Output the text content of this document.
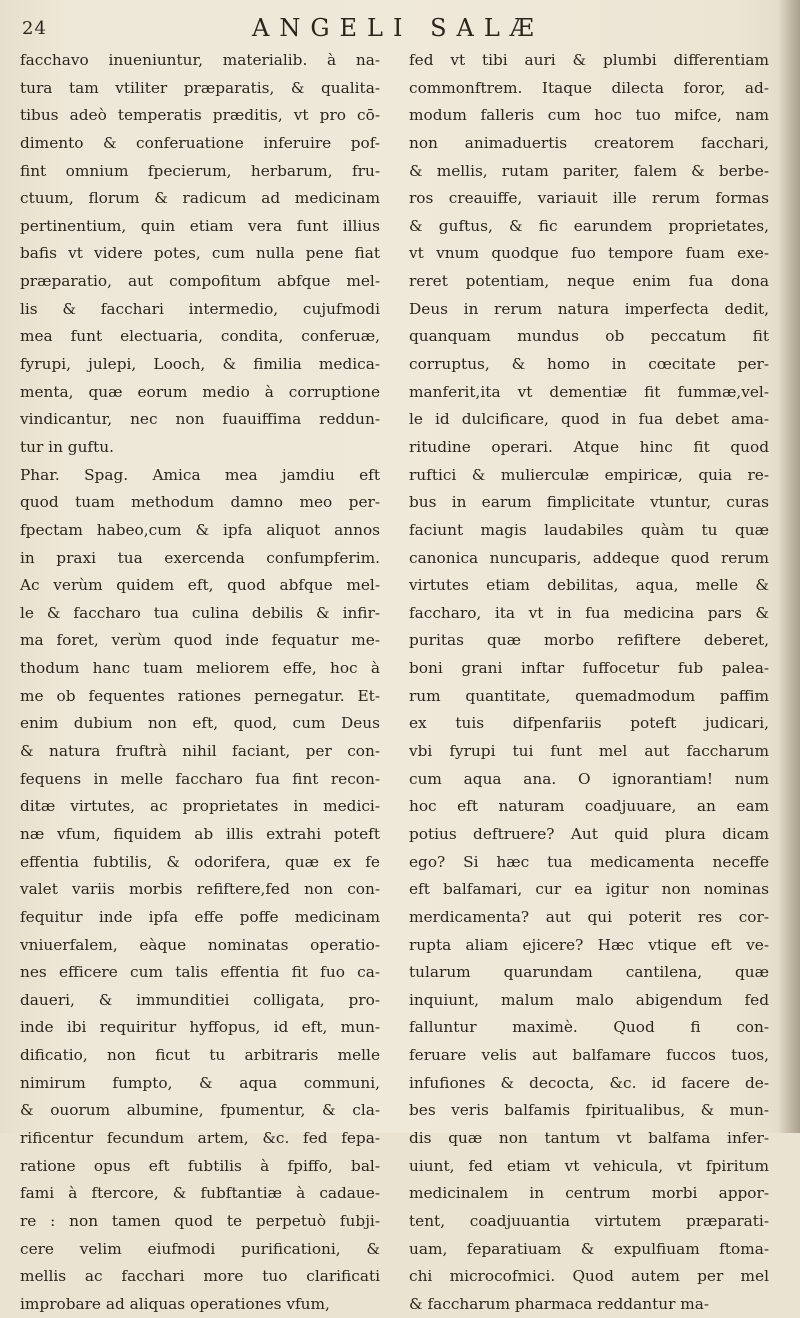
24	ANGELI SALÆ
facchavo inueniuntur, materialib. à na-
tura tam vtiliter præparatis, & qualita-
tibus adeò temperatis prӕditis, vt pro cō-
dimento & conferuatione inferuire pof-
fint omnium fpecierum, herbarum, fru-
ctuum, florum & radicum ad medicinam
pertinentium, quin etiam vera funt illius
bafis vt videre potes, cum nulla pene fiat
præparatio, aut compofitum abfque mel-
lis & facchari intermedio, cujufmodi
mea funt electuaria, condita, conferuæ,
fyrupi, julepi, Looch, & fimilia medica-
menta, quæ eorum medio à corruptione
vindicantur, nec non fuauiffima reddun-
tur in guftu.
Phar. Spag. Amica mea jamdiu eft
quod tuam methodum damno meo per-
fpectam habeo,cum & ipfa aliquot annos
in praxi tua exercenda confumpferim.
Ac verùm quidem eft, quod abfque mel-
le & faccharo tua culina debilis & infir-
ma foret, verùm quod inde fequatur me-
thodum hanc tuam meliorem effe, hoc à
me ob fequentes rationes pernegatur. Et-
enim dubium non eft, quod, cum Deus
& natura fruftrà nihil faciant, per con-
fequens in melle faccharo fua fint recon-
ditæ virtutes, ac proprietates in medici-
næ vfum, fiquidem ab illis extrahi poteft
effentia fubtilis, & odorifera, quæ ex fe
valet variis morbis refiftere,fed non con-
fequitur inde ipfa effe poffe medicinam
vniuerfalem, eàque nominatas operatio-
nes efficere cum talis effentia fit fuo ca-
daueri, & immunditiei colligata, pro-
inde ibi requiritur hyffopus, id eft, mun-
dificatio, non ficut tu arbitraris melle
nimirum fumpto, & aqua communi,
& ouorum albumine, fpumentur, & cla-
rificentur fecundum artem, &c. fed fepa-
ratione opus eft fubtilis à fpiffo, bal-
fami à ftercore, & fubftantiæ à cadaue-
re : non tamen quod te perpetuò fubji-
cere velim eiufmodi purificationi, &
mellis ac facchari more tuo clarificati
improbare ad aliquas operationes vfum,
fed vt tibi auri & plumbi differentiam
commonftrem. Itaque dilecta foror, ad-
modum falleris cum hoc tuo mifce, nam
non animaduertis creatorem facchari,
& mellis, rutam pariter, falem & berbe-
ros creauiffe, variauit ille rerum formas
& guftus, & fic earundem proprietates,
vt vnum quodque fuo tempore fuam exe-
reret potentiam, neque enim fua dona
Deus in rerum natura imperfecta dedit,
quanquam mundus ob peccatum fit
corruptus, & homo in cœcitate per-
manferit,ita vt dementiæ fit fummæ,vel-
le id dulcificare, quod in fua debet ama-
ritudine operari. Atque hinc fit quod
ruftici & mulierculæ empiricæ, quia re-
bus in earum fimplicitate vtuntur, curas
faciunt magis laudabiles quàm tu quæ
canonica nuncuparis, addeque quod rerum
virtutes etiam debilitas, aqua, melle &
faccharo, ita vt in fua medicina pars &
puritas quæ morbo refiftere deberet,
boni grani inftar fuffocetur fub palea-
rum quantitate, quemadmodum paffim
ex tuis difpenfariis poteft judicari,
vbi fyrupi tui funt mel aut faccharum
cum aqua ana. O ignorantiam! num
hoc eft naturam coadjuuare, an eam
potius deftruere? Aut quid plura dicam
ego? Si hæc tua medicamenta neceffe
eft balfamari, cur ea igitur non nominas
merdicamenta? aut qui poterit res cor-
rupta aliam ejicere? Hæc vtique eft ve-
tularum quarundam cantilena, quæ
inquiunt, malum malo abigendum fed
falluntur maximè. Quod fi con-
feruare velis aut balfamare fuccos tuos,
infufiones & decocta, &c. id facere de-
bes veris balfamis fpiritualibus, & mun-
dis quæ non tantum vt balfama infer-
uiunt, fed etiam vt vehicula, vt fpiritum
medicinalem in centrum morbi appor-
tent, coadjuuantia virtutem præparati-
uam, feparatiuam & expulfiuam ftoma-
chi microcofmici. Quod autem per mel
& faccharum pharmaca reddantur ma-
